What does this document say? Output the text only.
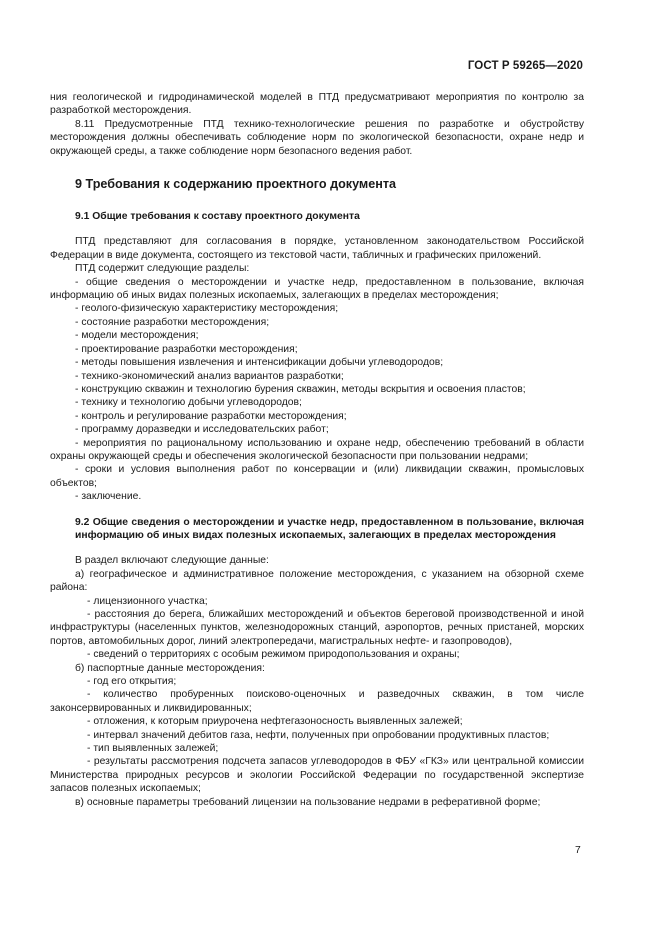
ГОСТ Р 59265—2020

ния геологической и гидродинамической моделей в ПТД предусматривают мероприятия по контролю за разработкой месторождения.

8.11 Предусмотренные ПТД технико-технологические решения по разработке и обустройству месторождения должны обеспечивать соблюдение норм по экологической безопасности, охране недр и окружающей среды, а также соблюдение норм безопасного ведения работ.

9 Требования к содержанию проектного документа

9.1 Общие требования к составу проектного документа

ПТД представляют для согласования в порядке, установленном законодательством Российской Федерации в виде документа, состоящего из текстовой части, табличных и графических приложений.

ПТД содержит следующие разделы:

- общие сведения о месторождении и участке недр, предоставленном в пользование, включая информацию об иных видах полезных ископаемых, залегающих в пределах месторождения;

- геолого-физическую характеристику месторождения;

- состояние разработки месторождения;

- модели месторождения;

- проектирование разработки месторождения;

- методы повышения извлечения и интенсификации добычи углеводородов;

- технико-экономический анализ вариантов разработки;

- конструкцию скважин и технологию бурения скважин, методы вскрытия и освоения пластов;

- технику и технологию добычи углеводородов;

- контроль и регулирование разработки месторождения;

- программу доразведки и исследовательских работ;

- мероприятия по рациональному использованию и охране недр, обеспечению требований в области охраны окружающей среды и обеспечения экологической безопасности при пользовании недрами;

- сроки и условия выполнения работ по консервации и (или) ликвидации скважин, промысловых объектов;

- заключение.

9.2 Общие сведения о месторождении и участке недр, предоставленном в пользование, включая информацию об иных видах полезных ископаемых, залегающих в пределах месторождения

В раздел включают следующие данные:

а) географическое и административное положение месторождения, с указанием на обзорной схеме района:

- лицензионного участка;

- расстояния до берега, ближайших месторождений и объектов береговой производственной и иной инфраструктуры (населенных пунктов, железнодорожных станций, аэропортов, речных пристаней, морских портов, автомобильных дорог, линий электропередачи, магистральных нефте- и газопроводов),

- сведений о территориях с особым режимом природопользования и охраны;

б) паспортные данные месторождения:

- год его открытия;

- количество пробуренных поисково-оценочных и разведочных скважин, в том числе законсервированных и ликвидированных;

- отложения, к которым приурочена нефтегазоносность выявленных залежей;

- интервал значений дебитов газа, нефти, полученных при опробовании продуктивных пластов;

- тип выявленных залежей;

- результаты рассмотрения подсчета запасов углеводородов в ФБУ «ГКЗ» или центральной комиссии Министерства природных ресурсов и экологии Российской Федерации по государственной экспертизе запасов полезных ископаемых;

в) основные параметры требований лицензии на пользование недрами в реферативной форме;

7
